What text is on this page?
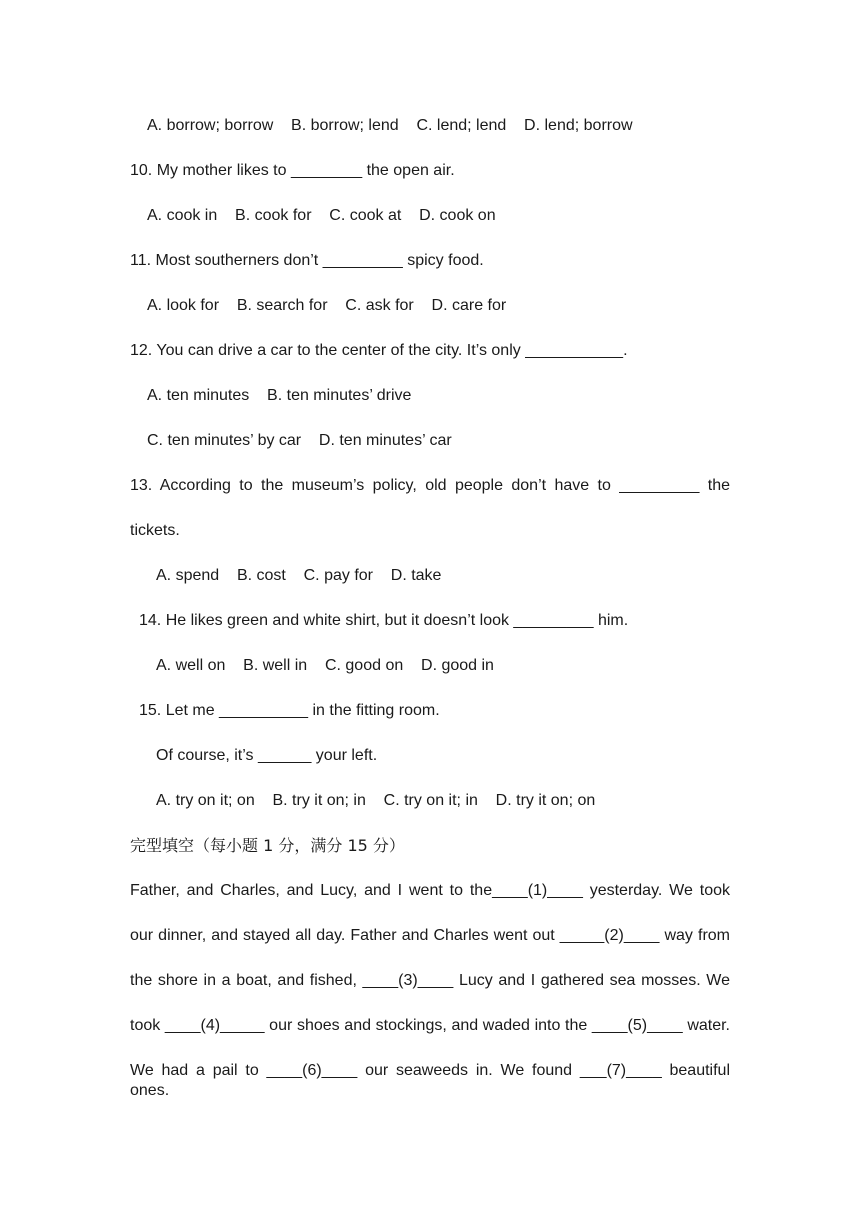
A. borrow; borrow    B. borrow; lend    C. lend; lend    D. lend; borrow
10. My mother likes to ________ the open air.
A. cook in    B. cook for    C. cook at    D. cook on
11. Most southerners don’t _________ spicy food.
A. look for    B. search for    C. ask for    D. care for
12. You can drive a car to the center of the city. It’s only ___________.
A. ten minutes    B. ten minutes’ drive
C. ten minutes’ by car    D. ten minutes’ car
13. According to the museum’s policy, old people don’t have to _________ the
tickets.
A. spend    B. cost    C. pay for    D. take
14. He likes green and white shirt, but it doesn’t look _________ him.
A. well on    B. well in    C. good on    D. good in
15. Let me __________ in the fitting room.
Of course, it’s ______ your left.
A. try on it; on    B. try it on; in    C. try on it; in    D. try it on; on
完型填空（每小题 1 分，满分 15 分）
Father, and Charles, and Lucy, and I went to the____(1)____ yesterday. We took
our dinner, and stayed all day. Father and Charles went out _____(2)____ way from
the shore in a boat, and fished, ____(3)____ Lucy and I gathered sea mosses. We
took ____(4)_____ our shoes and stockings, and waded into the ____(5)____ water.
We had a pail to ____(6)____ our seaweeds in. We found ___(7)____ beautiful ones.
